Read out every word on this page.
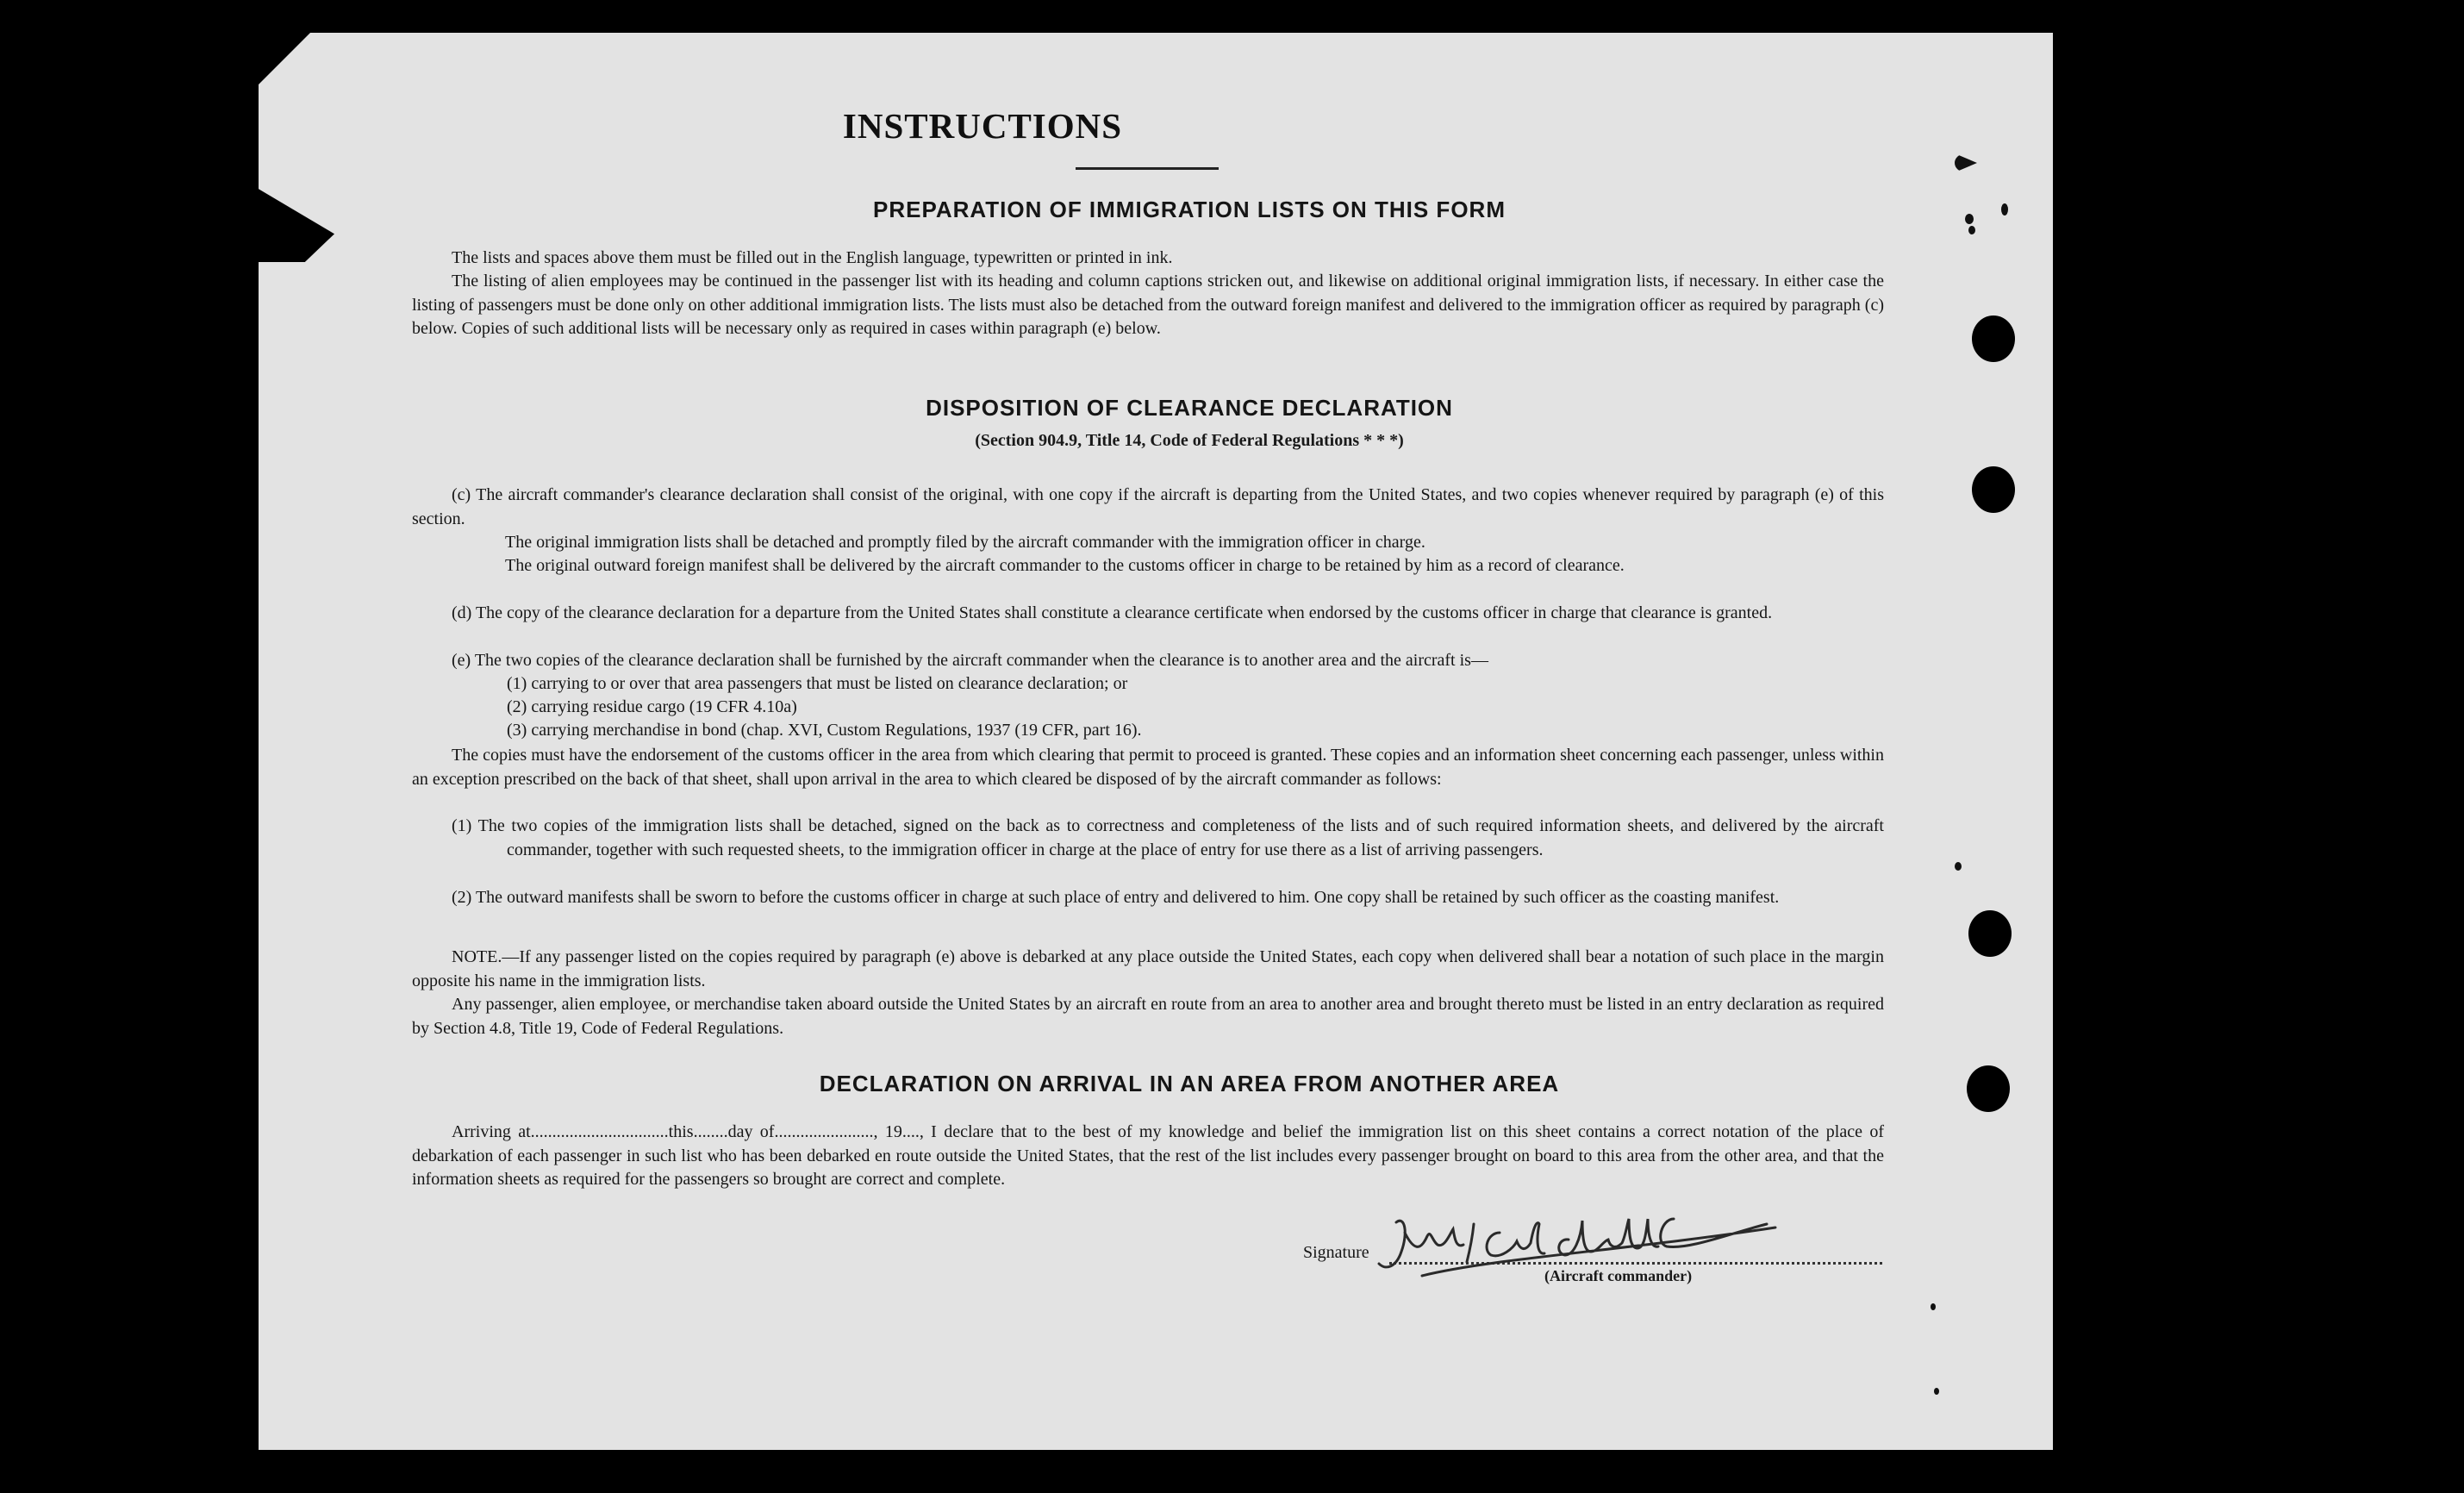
INSTRUCTIONS
PREPARATION OF IMMIGRATION LISTS ON THIS FORM

The lists and spaces above them must be filled out in the English language, typewritten or printed in ink.

The listing of alien employees may be continued in the passenger list with its heading and column captions stricken out, and likewise on additional original immigration lists, if necessary. In either case the listing of passengers must be done only on other additional immigration lists. The lists must also be detached from the outward foreign manifest and delivered to the immigration officer as required by paragraph (c) below. Copies of such additional lists will be necessary only as required in cases within paragraph (e) below.

DISPOSITION OF CLEARANCE DECLARATION
(Section 904.9, Title 14, Code of Federal Regulations * * *)

(c) The aircraft commander's clearance declaration shall consist of the original, with one copy if the aircraft is departing from the United States, and two copies whenever required by paragraph (e) of this section.

The original immigration lists shall be detached and promptly filed by the aircraft commander with the immigration officer in charge.

The original outward foreign manifest shall be delivered by the aircraft commander to the customs officer in charge to be retained by him as a record of clearance.

(d) The copy of the clearance declaration for a departure from the United States shall constitute a clearance certificate when endorsed by the customs officer in charge that clearance is granted.

(e) The two copies of the clearance declaration shall be furnished by the aircraft commander when the clearance is to another area and the aircraft is—

(1) carrying to or over that area passengers that must be listed on clearance declaration; or

(2) carrying residue cargo (19 CFR 4.10a)

(3) carrying merchandise in bond (chap. XVI, Custom Regulations, 1937 (19 CFR, part 16).

The copies must have the endorsement of the customs officer in the area from which clearing that permit to proceed is granted. These copies and an information sheet concerning each passenger, unless within an exception prescribed on the back of that sheet, shall upon arrival in the area to which cleared be disposed of by the aircraft commander as follows:

(1) The two copies of the immigration lists shall be detached, signed on the back as to correctness and completeness of the lists and of such required information sheets, and delivered by the aircraft commander, together with such requested sheets, to the immigration officer in charge at the place of entry for use there as a list of arriving passengers.

(2) The outward manifests shall be sworn to before the customs officer in charge at such place of entry and delivered to him. One copy shall be retained by such officer as the coasting manifest.

NOTE.—If any passenger listed on the copies required by paragraph (e) above is debarked at any place outside the United States, each copy when delivered shall bear a notation of such place in the margin opposite his name in the immigration lists.

Any passenger, alien employee, or merchandise taken aboard outside the United States by an aircraft en route from an area to another area and brought thereto must be listed in an entry declaration as required by Section 4.8, Title 19, Code of Federal Regulations.

DECLARATION ON ARRIVAL IN AN AREA FROM ANOTHER AREA

Arriving at................................this........day of......................., 19...., I declare that to the best of my knowledge and belief the immigration list on this sheet contains a correct notation of the place of debarkation of each passenger in such list who has been debarked en route outside the United States, that the rest of the list includes every passenger brought on board to this area from the other area, and that the information sheets as required for the passengers so brought are correct and complete.

Signature
(Aircraft commander)
